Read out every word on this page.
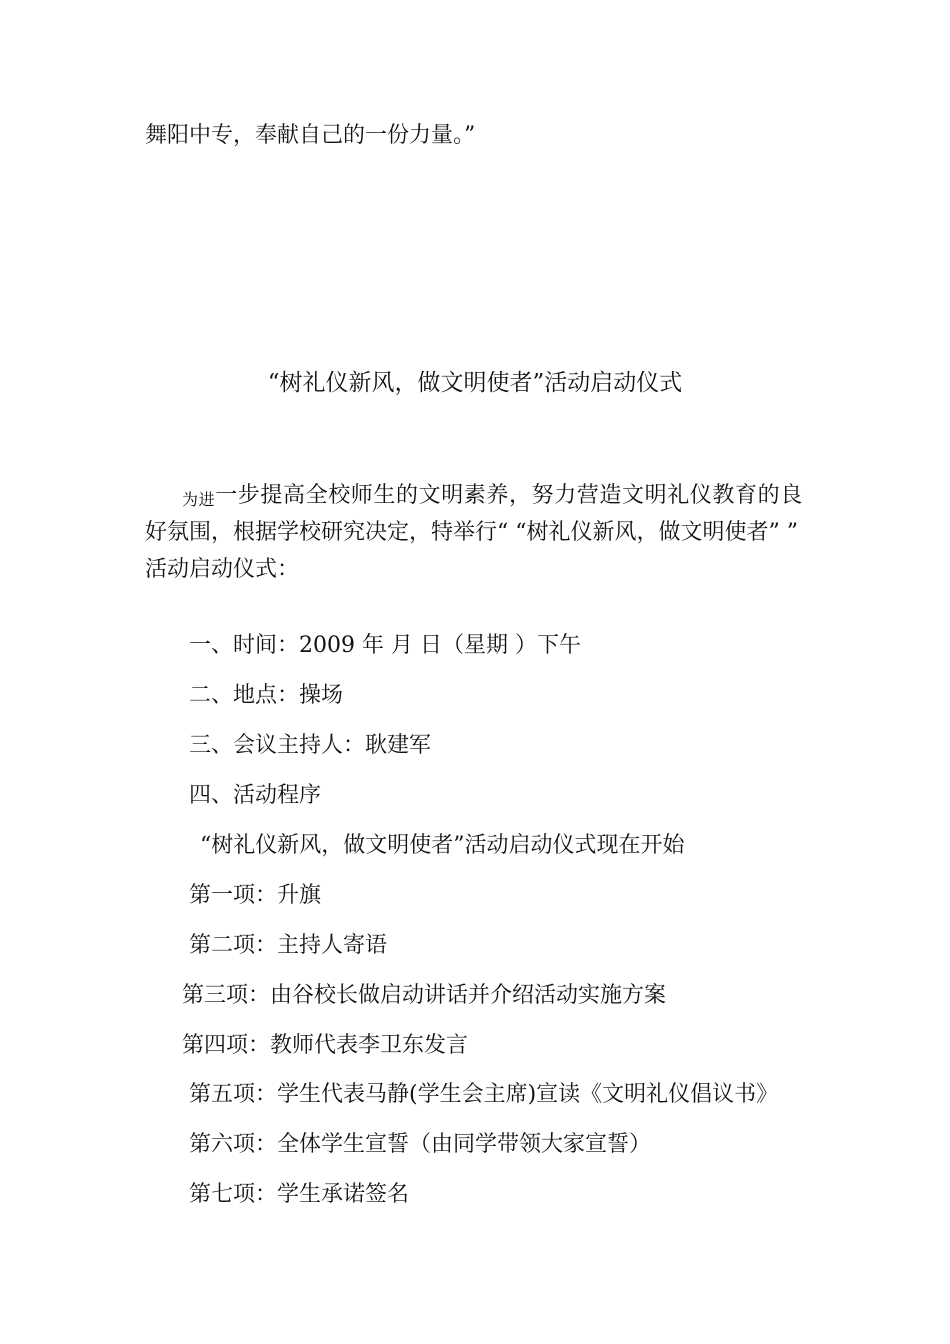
舞阳中专，奉献自己的一份力量。”
“树礼仪新风，做文明使者”活动启动仪式
为进一步提高全校师生的文明素养，努力营造文明礼仪教育的良
好氛围，根据学校研究决定，特举行“ “树礼仪新风，做文明使者” ”
活动启动仪式：
一、时间：2009 年 月 日（星期 ）下午
二、地点：操场
三、会议主持人：耿建军
四、活动程序
“树礼仪新风，做文明使者”活动启动仪式现在开始
第一项：升旗
第二项：主持人寄语
第三项：由谷校长做启动讲话并介绍活动实施方案
第四项：教师代表李卫东发言
第五项：学生代表马静(学生会主席)宣读《文明礼仪倡议书》
第六项：全体学生宣誓（由同学带领大家宣誓）
第七项：学生承诺签名
